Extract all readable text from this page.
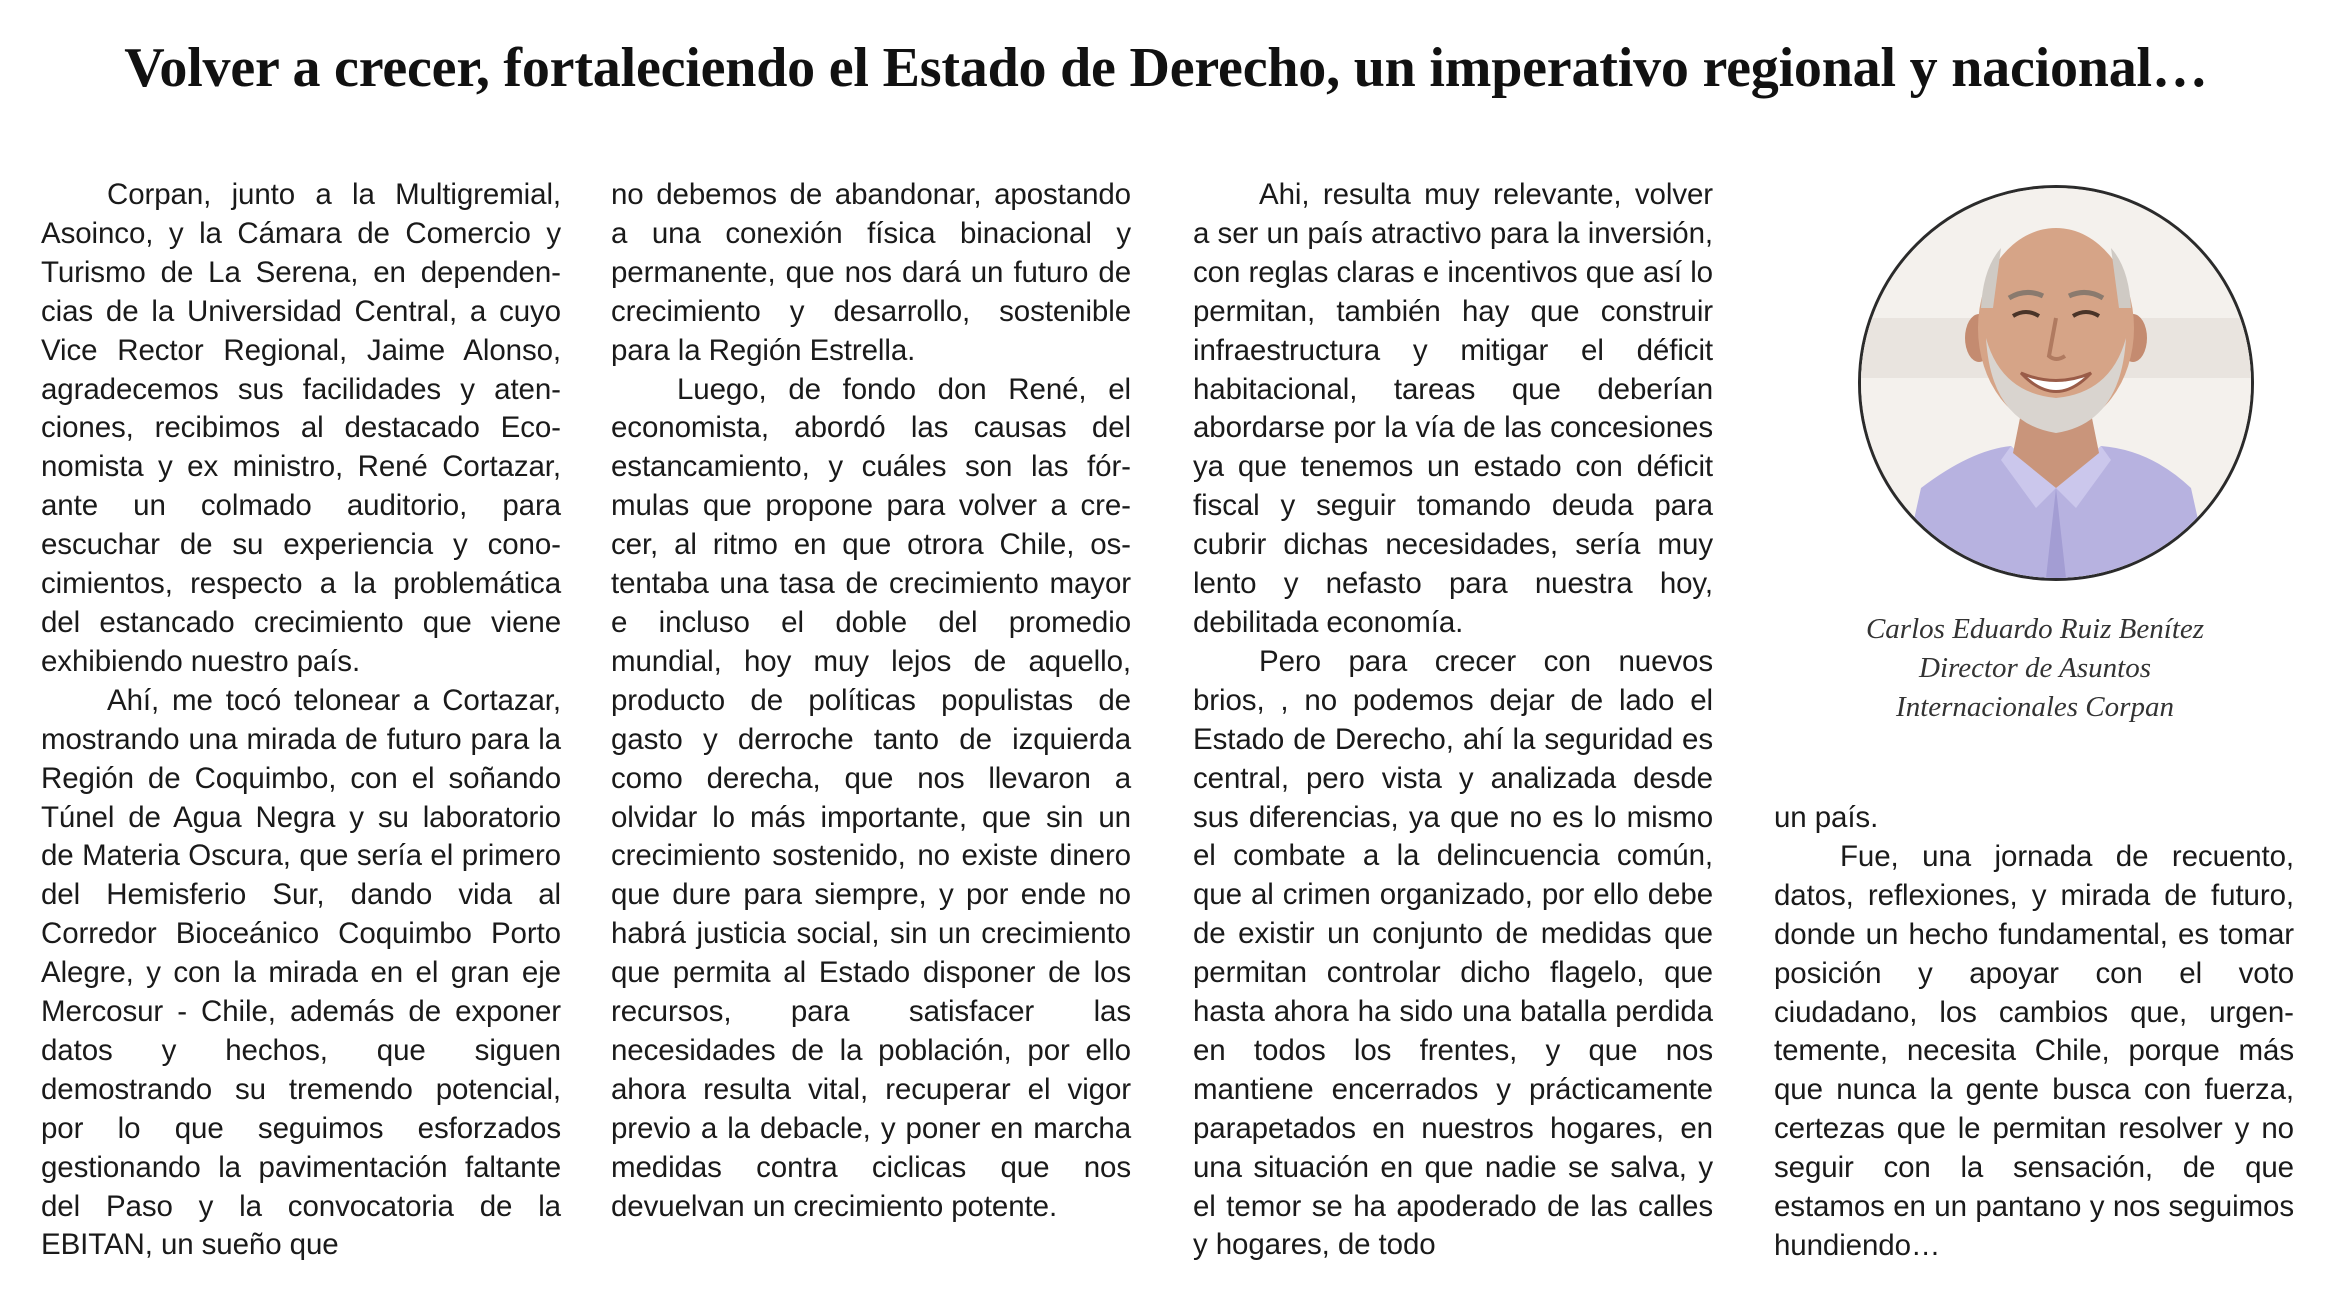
Volver a crecer, fortaleciendo el Estado de Derecho, un imperativo regional y nacional…

Corpan, junto a la Multigremial, Asoinco, y la Cámara de Comercio y Turismo de La Serena, en dependencias de la Universidad Central, a cuyo Vice Rector Regional, Jaime Alonso, agradecemos sus facilidades y atenciones, recibimos al destacado Economista y ex ministro, René Cortazar, ante un colmado auditorio, para escuchar de su experiencia y conocimientos, respecto a la problemática del estancado crecimiento que viene exhibiendo nuestro país.

Ahí, me tocó telonear a Cortazar, mostrando una mirada de futuro para la Región de Coquimbo, con el soñando Túnel de Agua Negra y su laboratorio de Materia Oscura, que sería el primero del Hemisferio Sur, dando vida al Corredor Bioceánico Coquimbo Porto Alegre, y con la mirada en el gran eje Mercosur - Chile, además de exponer datos y hechos, que siguen demostrando su tremendo potencial, por lo que seguimos esforzados gestionando la pavimentación faltante del Paso y la convocatoria de la EBITAN, un sueño que

no debemos de abandonar, apostando a una conexión física binacional y permanente, que nos dará un futuro de crecimiento y desarrollo, sostenible para la Región Estrella.

Luego, de fondo don René, el economista, abordó las causas del estancamiento, y cuáles son las fórmulas que propone para volver a crecer, al ritmo en que otrora Chile, ostentaba una tasa de crecimiento mayor e incluso el doble del promedio mundial, hoy muy lejos de aquello, producto de políticas populistas de gasto y derroche tanto de izquierda como derecha, que nos llevaron a olvidar lo más importante, que sin un crecimiento sostenido, no existe dinero que dure para siempre, y por ende no habrá justicia social, sin un crecimiento que permita al Estado disponer de los recursos, para satisfacer las necesidades de la población, por ello ahora resulta vital, recuperar el vigor previo a la debacle, y poner en marcha medidas contra ciclicas que nos devuelvan un crecimiento potente.

Ahi, resulta muy relevante, volver a ser un país atractivo para la inversión, con reglas claras e incentivos que así lo permitan, también hay que construir infraestructura y mitigar el déficit habitacional, tareas que deberían abordarse por la vía de las concesiones ya que tenemos un estado con déficit fiscal y seguir tomando deuda para cubrir dichas necesidades, sería muy lento y nefasto para nuestra hoy, debilitada economía.

Pero para crecer con nuevos brios, , no podemos dejar de lado el Estado de Derecho, ahí la seguridad es central, pero vista y analizada desde sus diferencias, ya que no es lo mismo el combate a la delincuencia común, que al crimen organizado, por ello debe de existir un conjunto de medidas que permitan controlar dicho flagelo, que hasta ahora ha sido una batalla perdida en todos los frentes, y que nos mantiene encerrados y prácticamente parapetados en nuestros hogares, en una situación en que nadie se salva, y el temor se ha apoderado de las calles y hogares, de todo

Carlos Eduardo Ruiz Benítez
Director de Asuntos
Internacionales Corpan

un país.

Fue, una jornada de recuento, datos, reflexiones, y mirada de futuro, donde un hecho fundamental, es tomar posición y apoyar con el voto ciudadano, los cambios que, urgentemente, necesita Chile, porque más que nunca la gente busca con fuerza, certezas que le permitan resolver y no seguir con la sensación, de que estamos en un pantano y nos seguimos hundiendo…
